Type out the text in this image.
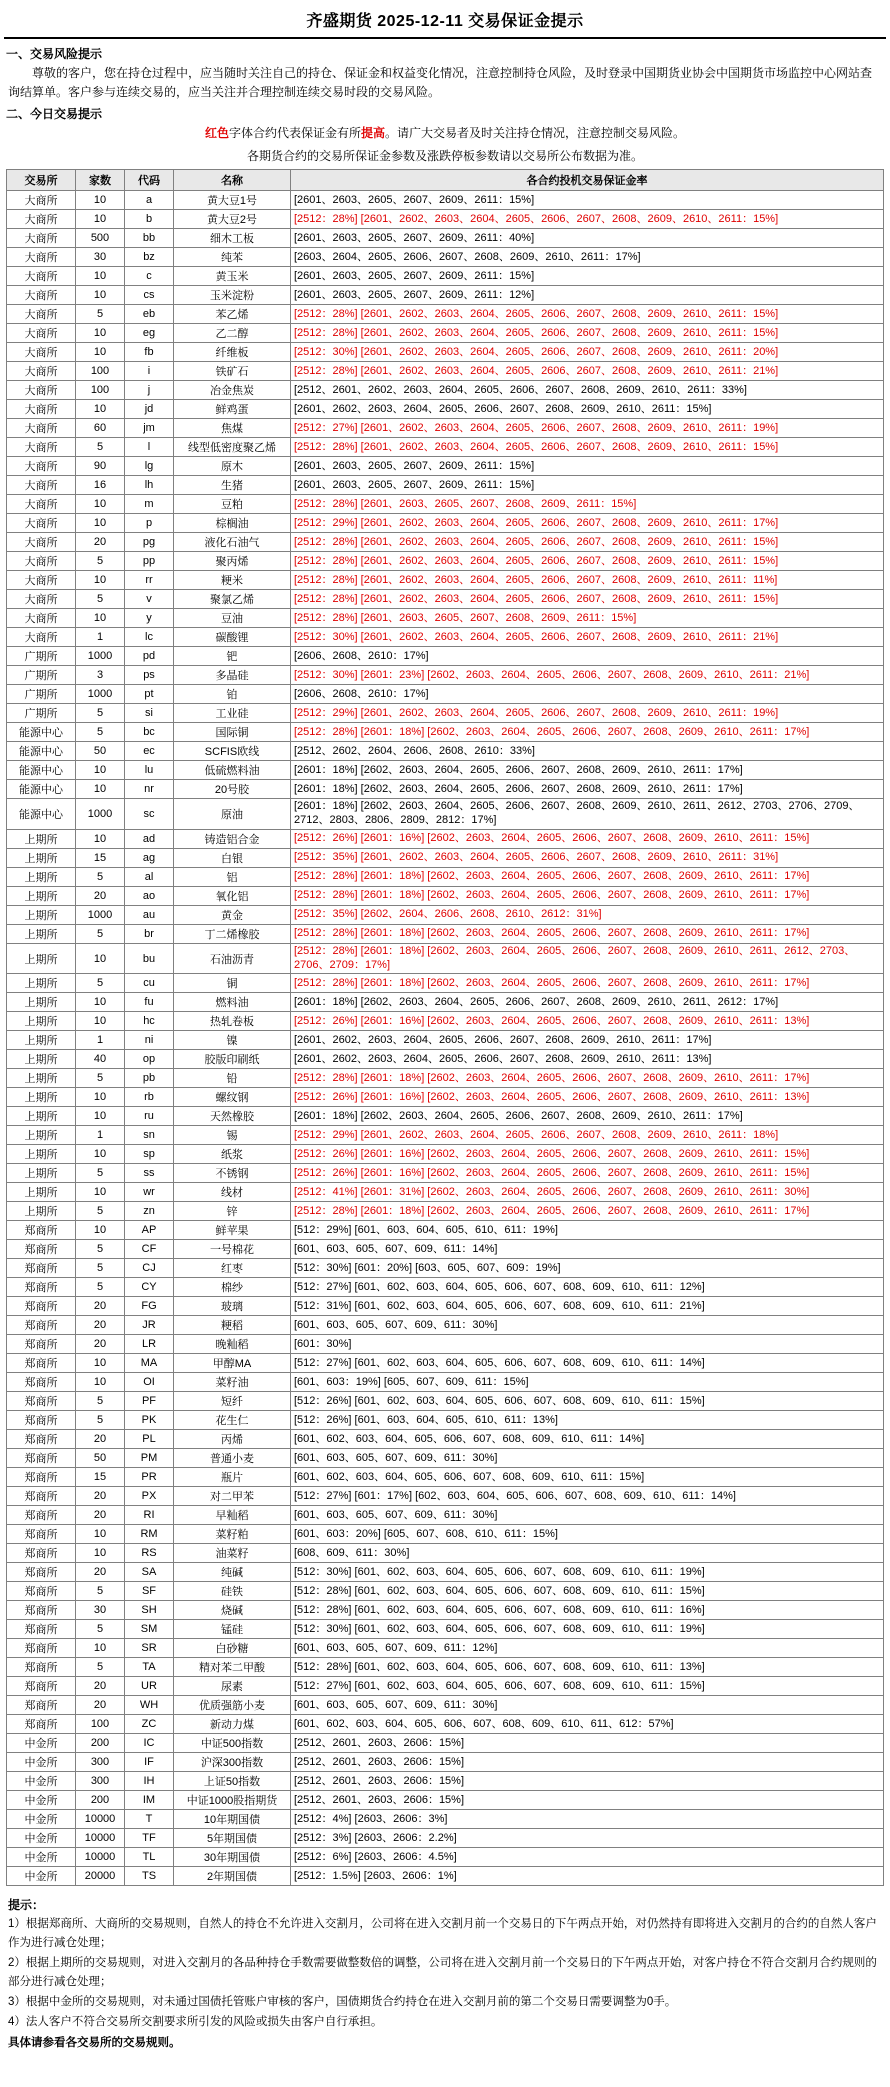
齐盛期货 2025-12-11 交易保证金提示
一、交易风险提示
尊敬的客户，您在持仓过程中，应当随时关注自己的持仓、保证金和权益变化情况，注意控制持仓风险，及时登录中国期货业协会中国期货市场监控中心网站查询结算单。客户参与连续交易的，应当关注并合理控制连续交易时段的交易风险。
二、今日交易提示
红色字体合约代表保证金有所提高。请广大交易者及时关注持仓情况，注意控制交易风险。
各期货合约的交易所保证金参数及涨跌停板参数请以交易所公布数据为准。
交易所	家数	代码	名称	各合约投机交易保证金率
大商所	10	a	黄大豆1号	[2601、2603、2605、2607、2609、2611：15%]
大商所	10	b	黄大豆2号	[2512：28%] [2601、2602、2603、2604、2605、2606、2607、2608、2609、2610、2611：15%]
大商所	500	bb	细木工板	[2601、2603、2605、2607、2609、2611：40%]
大商所	30	bz	纯苯	[2603、2604、2605、2606、2607、2608、2609、2610、2611：17%]
大商所	10	c	黄玉米	[2601、2603、2605、2607、2609、2611：15%]
大商所	10	cs	玉米淀粉	[2601、2603、2605、2607、2609、2611：12%]
大商所	5	eb	苯乙烯	[2512：28%] [2601、2602、2603、2604、2605、2606、2607、2608、2609、2610、2611：15%]
大商所	10	eg	乙二醇	[2512：28%] [2601、2602、2603、2604、2605、2606、2607、2608、2609、2610、2611：15%]
大商所	10	fb	纤维板	[2512：30%] [2601、2602、2603、2604、2605、2606、2607、2608、2609、2610、2611：20%]
大商所	100	i	铁矿石	[2512：28%] [2601、2602、2603、2604、2605、2606、2607、2608、2609、2610、2611：21%]
大商所	100	j	冶金焦炭	[2512、2601、2602、2603、2604、2605、2606、2607、2608、2609、2610、2611：33%]
大商所	10	jd	鲜鸡蛋	[2601、2602、2603、2604、2605、2606、2607、2608、2609、2610、2611：15%]
大商所	60	jm	焦煤	[2512：27%] [2601、2602、2603、2604、2605、2606、2607、2608、2609、2610、2611：19%]
大商所	5	l	线型低密度聚乙烯	[2512：28%] [2601、2602、2603、2604、2605、2606、2607、2608、2609、2610、2611：15%]
大商所	90	lg	原木	[2601、2603、2605、2607、2609、2611：15%]
大商所	16	lh	生猪	[2601、2603、2605、2607、2609、2611：15%]
大商所	10	m	豆粕	[2512：28%] [2601、2603、2605、2607、2608、2609、2611：15%]
大商所	10	p	棕榈油	[2512：29%] [2601、2602、2603、2604、2605、2606、2607、2608、2609、2610、2611：17%]
大商所	20	pg	液化石油气	[2512：28%] [2601、2602、2603、2604、2605、2606、2607、2608、2609、2610、2611：15%]
大商所	5	pp	聚丙烯	[2512：28%] [2601、2602、2603、2604、2605、2606、2607、2608、2609、2610、2611：15%]
大商所	10	rr	粳米	[2512：28%] [2601、2602、2603、2604、2605、2606、2607、2608、2609、2610、2611：11%]
大商所	5	v	聚氯乙烯	[2512：28%] [2601、2602、2603、2604、2605、2606、2607、2608、2609、2610、2611：15%]
大商所	10	y	豆油	[2512：28%] [2601、2603、2605、2607、2608、2609、2611：15%]
大商所	1	lc	碳酸锂	[2512：30%] [2601、2602、2603、2604、2605、2606、2607、2608、2609、2610、2611：21%]
广期所	1000	pd	钯	[2606、2608、2610：17%]
广期所	3	ps	多晶硅	[2512：30%] [2601：23%] [2602、2603、2604、2605、2606、2607、2608、2609、2610、2611：21%]
广期所	1000	pt	铂	[2606、2608、2610：17%]
广期所	5	si	工业硅	[2512：29%] [2601、2602、2603、2604、2605、2606、2607、2608、2609、2610、2611：19%]
能源中心	5	bc	国际铜	[2512：28%] [2601：18%] [2602、2603、2604、2605、2606、2607、2608、2609、2610、2611：17%]
能源中心	50	ec	SCFIS欧线	[2512、2602、2604、2606、2608、2610：33%]
能源中心	10	lu	低硫燃料油	[2601：18%] [2602、2603、2604、2605、2606、2607、2608、2609、2610、2611：17%]
能源中心	10	nr	20号胶	[2601：18%] [2602、2603、2604、2605、2606、2607、2608、2609、2610、2611：17%]
能源中心	1000	sc	原油	[2601：18%] [2602、2603、2604、2605、2606、2607、2608、2609、2610、2611、2612、2703、2706、2709、2712、2803、2806、2809、2812：17%]
上期所	10	ad	铸造铝合金	[2512：26%] [2601：16%] [2602、2603、2604、2605、2606、2607、2608、2609、2610、2611：15%]
上期所	15	ag	白银	[2512：35%] [2601、2602、2603、2604、2605、2606、2607、2608、2609、2610、2611：31%]
上期所	5	al	铝	[2512：28%] [2601：18%] [2602、2603、2604、2605、2606、2607、2608、2609、2610、2611：17%]
上期所	20	ao	氧化铝	[2512：28%] [2601：18%] [2602、2603、2604、2605、2606、2607、2608、2609、2610、2611：17%]
上期所	1000	au	黄金	[2512：35%] [2602、2604、2606、2608、2610、2612：31%]
上期所	5	br	丁二烯橡胶	[2512：28%] [2601：18%] [2602、2603、2604、2605、2606、2607、2608、2609、2610、2611：17%]
上期所	10	bu	石油沥青	[2512：28%] [2601：18%] [2602、2603、2604、2605、2606、2607、2608、2609、2610、2611、2612、2703、2706、2709：17%]
上期所	5	cu	铜	[2512：28%] [2601：18%] [2602、2603、2604、2605、2606、2607、2608、2609、2610、2611：17%]
上期所	10	fu	燃料油	[2601：18%] [2602、2603、2604、2605、2606、2607、2608、2609、2610、2611、2612：17%]
上期所	10	hc	热轧卷板	[2512：26%] [2601：16%] [2602、2603、2604、2605、2606、2607、2608、2609、2610、2611：13%]
上期所	1	ni	镍	[2601、2602、2603、2604、2605、2606、2607、2608、2609、2610、2611：17%]
上期所	40	op	胶版印刷纸	[2601、2602、2603、2604、2605、2606、2607、2608、2609、2610、2611：13%]
上期所	5	pb	铅	[2512：28%] [2601：18%] [2602、2603、2604、2605、2606、2607、2608、2609、2610、2611：17%]
上期所	10	rb	螺纹钢	[2512：26%] [2601：16%] [2602、2603、2604、2605、2606、2607、2608、2609、2610、2611：13%]
上期所	10	ru	天然橡胶	[2601：18%] [2602、2603、2604、2605、2606、2607、2608、2609、2610、2611：17%]
上期所	1	sn	锡	[2512：29%] [2601、2602、2603、2604、2605、2606、2607、2608、2609、2610、2611：18%]
上期所	10	sp	纸浆	[2512：26%] [2601：16%] [2602、2603、2604、2605、2606、2607、2608、2609、2610、2611：15%]
上期所	5	ss	不锈钢	[2512：26%] [2601：16%] [2602、2603、2604、2605、2606、2607、2608、2609、2610、2611：15%]
上期所	10	wr	线材	[2512：41%] [2601：31%] [2602、2603、2604、2605、2606、2607、2608、2609、2610、2611：30%]
上期所	5	zn	锌	[2512：28%] [2601：18%] [2602、2603、2604、2605、2606、2607、2608、2609、2610、2611：17%]
郑商所	10	AP	鲜苹果	[512：29%] [601、603、604、605、610、611：19%]
郑商所	5	CF	一号棉花	[601、603、605、607、609、611：14%]
郑商所	5	CJ	红枣	[512：30%] [601：20%] [603、605、607、609：19%]
郑商所	5	CY	棉纱	[512：27%] [601、602、603、604、605、606、607、608、609、610、611：12%]
郑商所	20	FG	玻璃	[512：31%] [601、602、603、604、605、606、607、608、609、610、611：21%]
郑商所	20	JR	粳稻	[601、603、605、607、609、611：30%]
郑商所	20	LR	晚籼稻	[601：30%]
郑商所	10	MA	甲醇MA	[512：27%] [601、602、603、604、605、606、607、608、609、610、611：14%]
郑商所	10	OI	菜籽油	[601、603：19%] [605、607、609、611：15%]
郑商所	5	PF	短纤	[512：26%] [601、602、603、604、605、606、607、608、609、610、611：15%]
郑商所	5	PK	花生仁	[512：26%] [601、603、604、605、610、611：13%]
郑商所	20	PL	丙烯	[601、602、603、604、605、606、607、608、609、610、611：14%]
郑商所	50	PM	普通小麦	[601、603、605、607、609、611：30%]
郑商所	15	PR	瓶片	[601、602、603、604、605、606、607、608、609、610、611：15%]
郑商所	20	PX	对二甲苯	[512：27%] [601：17%] [602、603、604、605、606、607、608、609、610、611：14%]
郑商所	20	RI	早籼稻	[601、603、605、607、609、611：30%]
郑商所	10	RM	菜籽粕	[601、603：20%] [605、607、608、610、611：15%]
郑商所	10	RS	油菜籽	[608、609、611：30%]
郑商所	20	SA	纯碱	[512：30%] [601、602、603、604、605、606、607、608、609、610、611：19%]
郑商所	5	SF	硅铁	[512：28%] [601、602、603、604、605、606、607、608、609、610、611：15%]
郑商所	30	SH	烧碱	[512：28%] [601、602、603、604、605、606、607、608、609、610、611：16%]
郑商所	5	SM	锰硅	[512：30%] [601、602、603、604、605、606、607、608、609、610、611：19%]
郑商所	10	SR	白砂糖	[601、603、605、607、609、611：12%]
郑商所	5	TA	精对苯二甲酸	[512：28%] [601、602、603、604、605、606、607、608、609、610、611：13%]
郑商所	20	UR	尿素	[512：27%] [601、602、603、604、605、606、607、608、609、610、611：15%]
郑商所	20	WH	优质强筋小麦	[601、603、605、607、609、611：30%]
郑商所	100	ZC	新动力煤	[601、602、603、604、605、606、607、608、609、610、611、612：57%]
中金所	200	IC	中证500指数	[2512、2601、2603、2606：15%]
中金所	300	IF	沪深300指数	[2512、2601、2603、2606：15%]
中金所	300	IH	上证50指数	[2512、2601、2603、2606：15%]
中金所	200	IM	中证1000股指期货	[2512、2601、2603、2606：15%]
中金所	10000	T	10年期国债	[2512：4%] [2603、2606：3%]
中金所	10000	TF	5年期国债	[2512：3%] [2603、2606：2.2%]
中金所	10000	TL	30年期国债	[2512：6%] [2603、2606：4.5%]
中金所	20000	TS	2年期国债	[2512：1.5%] [2603、2606：1%]
提示：
1）根据郑商所、大商所的交易规则，自然人的持仓不允许进入交割月，公司将在进入交割月前一个交易日的下午两点开始，对仍然持有即将进入交割月的合约的自然人客户作为进行减仓处理；
2）根据上期所的交易规则，对进入交割月的各品种持仓手数需要做整数倍的调整，公司将在进入交割月前一个交易日的下午两点开始，对客户持仓不符合交割月合约规则的部分进行减仓处理；
3）根据中金所的交易规则，对未通过国债托管账户审核的客户，国债期货合约持仓在进入交割月前的第二个交易日需要调整为0手。
4）法人客户不符合交易所交割要求所引发的风险或损失由客户自行承担。
具体请参看各交易所的交易规则。
